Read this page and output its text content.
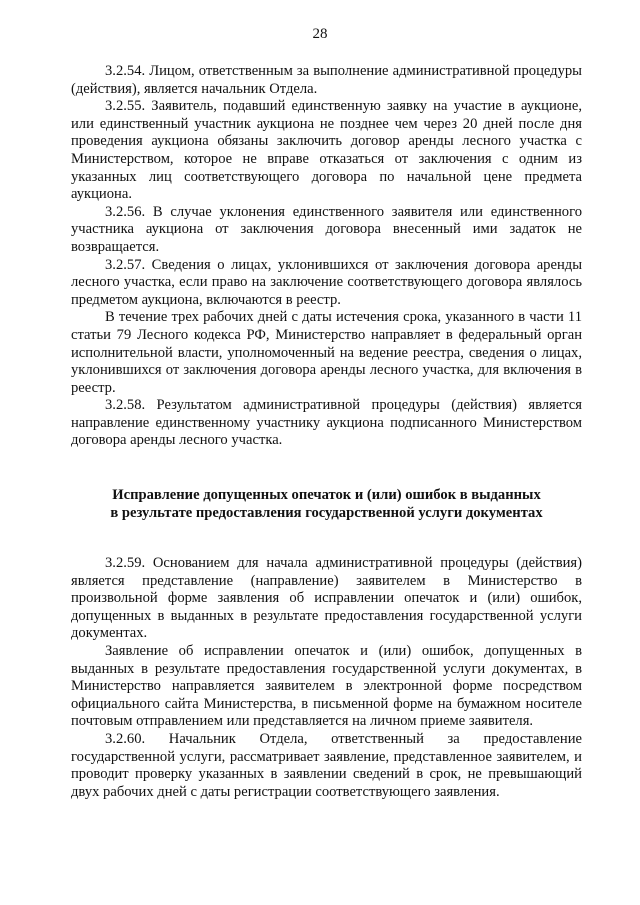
28

3.2.54. Лицом, ответственным за выполнение административной процедуры (действия), является начальник Отдела.

3.2.55. Заявитель, подавший единственную заявку на участие в аукционе, или единственный участник аукциона не позднее чем через 20 дней после дня проведения аукциона обязаны заключить договор аренды лесного участка с Министерством, которое не вправе отказаться от заключения с одним из указанных лиц соответствующего договора по начальной цене предмета аукциона.

3.2.56. В случае уклонения единственного заявителя или единственного участника аукциона от заключения договора внесенный ими задаток не возвращается.

3.2.57. Сведения о лицах, уклонившихся от заключения договора аренды лесного участка, если право на заключение соответствующего договора являлось предметом аукциона, включаются в реестр.

В течение трех рабочих дней с даты истечения срока, указанного в части 11 статьи 79 Лесного кодекса РФ, Министерство направляет в федеральный орган исполнительной власти, уполномоченный на ведение реестра, сведения о лицах, уклонившихся от заключения договора аренды лесного участка, для включения в реестр.

3.2.58. Результатом административной процедуры (действия) является направление единственному участнику аукциона подписанного Министерством договора аренды лесного участка.

Исправление допущенных опечаток и (или) ошибок в выданных
в результате предоставления государственной услуги документах

3.2.59. Основанием для начала административной процедуры (действия) является представление (направление) заявителем в Министерство в произвольной форме заявления об исправлении опечаток и (или) ошибок, допущенных в выданных в результате предоставления государственной услуги документах.

Заявление об исправлении опечаток и (или) ошибок, допущенных в выданных в результате предоставления государственной услуги документах, в Министерство направляется заявителем в электронной форме посредством официального сайта Министерства, в письменной форме на бумажном носителе почтовым отправлением или представляется на личном приеме заявителя.

3.2.60. Начальник Отдела, ответственный за предоставление государственной услуги, рассматривает заявление, представленное заявителем, и проводит проверку указанных в заявлении сведений в срок, не превышающий двух рабочих дней с даты регистрации соответствующего заявления.
